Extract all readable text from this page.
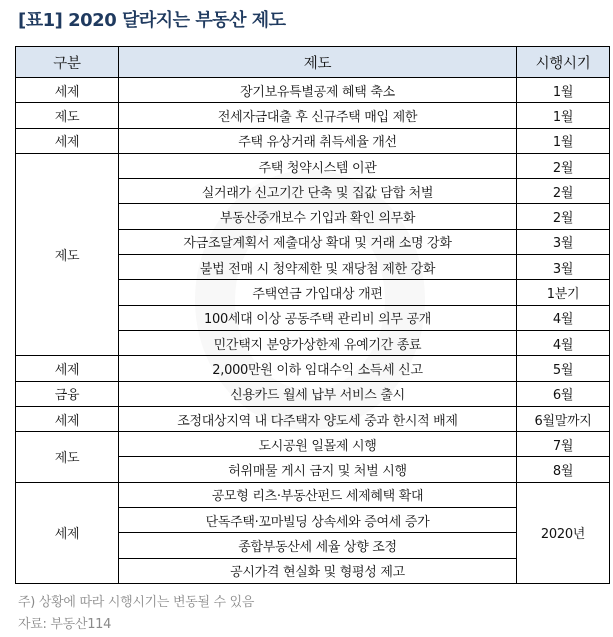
[표1] 2020 달라지는 부동산 제도
구분	제도	시행시기
세제	장기보유특별공제 혜택 축소	1월
제도	전세자금대출 후 신규주택 매입 제한	1월
세제	주택 유상거래 취득세율 개선	1월
제도	주택 청약시스템 이관	2월
	실거래가 신고기간 단축 및 집값 담합 처벌	2월
	부동산중개보수 기입과 확인 의무화	2월
	자금조달계획서 제출대상 확대 및 거래 소명 강화	3월
	불법 전매 시 청약제한 및 재당첨 제한 강화	3월
	주택연금 가입대상 개편	1분기
	100세대 이상 공동주택 관리비 의무 공개	4월
	민간택지 분양가상한제 유예기간 종료	4월
세제	2,000만원 이하 임대수익 소득세 신고	5월
금융	신용카드 월세 납부 서비스 출시	6월
세제	조정대상지역 내 다주택자 양도세 중과 한시적 배제	6월말까지
제도	도시공원 일몰제 시행	7월
	허위매물 게시 금지 및 처벌 시행	8월
세제	공모형 리츠·부동산펀드 세제혜택 확대	2020년
	단독주택·꼬마빌딩 상속세와 증여세 증가	
	종합부동산세 세율 상향 조정	
	공시가격 현실화 및 형평성 제고	
주) 상황에 따라 시행시기는 변동될 수 있음
자료: 부동산114
